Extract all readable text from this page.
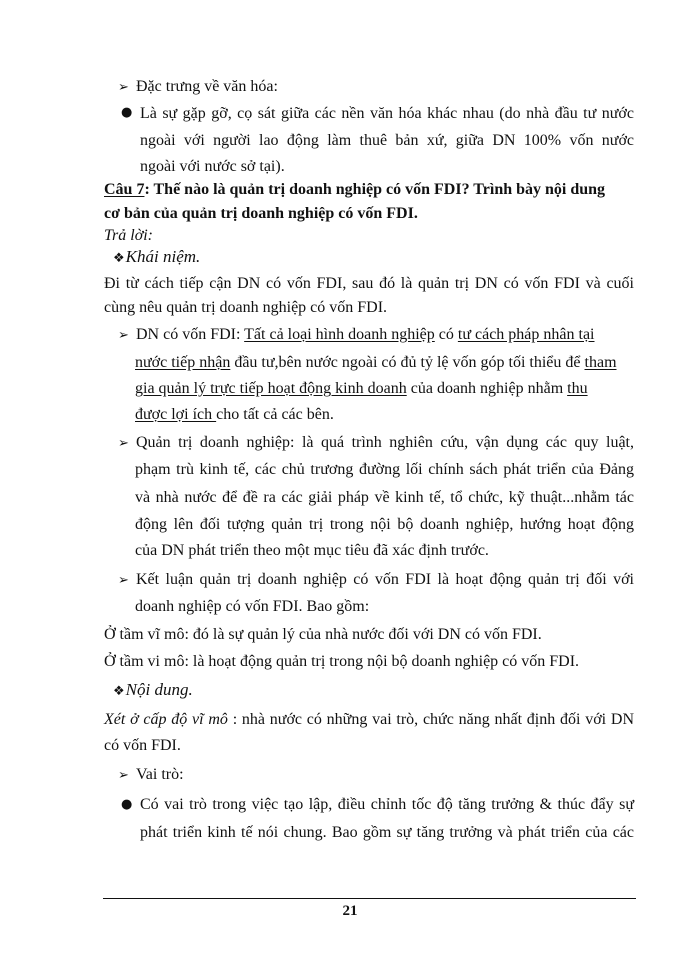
➢ Đặc trưng về văn hóa:
● Là sự gặp gỡ, cọ sát giữa các nền văn hóa khác nhau (do nhà đầu tư nước
ngoài với người lao động làm thuê bản xứ, giữa DN 100% vốn nước
ngoài với nước sở tại).
Câu 7: Thế nào là quản trị doanh nghiệp có vốn FDI? Trình bày nội dung
cơ bản của quản trị doanh nghiệp có vốn FDI.
Trả lời:
❖Khái niệm.
Đi từ cách tiếp cận DN có vốn FDI, sau đó là quản trị DN có vốn FDI và cuối
cùng nêu quản trị doanh nghiệp có vốn FDI.
➢ DN có vốn FDI: Tất cả loại hình doanh nghiệp có tư cách pháp nhân tại
nước tiếp nhận đầu tư,bên nước ngoài có đủ tỷ lệ vốn góp tối thiểu để tham
gia quản lý trực tiếp hoạt động kinh doanh của doanh nghiệp nhằm thu
được lợi ích cho tất cả các bên.
➢ Quản trị doanh nghiệp: là quá trình nghiên cứu, vận dụng các quy luật,
phạm trù kinh tế, các chủ trương đường lối chính sách phát triển của Đảng
và nhà nước để đề ra các giải pháp về kinh tế, tổ chức, kỹ thuật...nhằm tác
động lên đối tượng quản trị trong nội bộ doanh nghiệp, hướng hoạt động
của DN phát triển theo một mục tiêu đã xác định trước.
➢ Kết luận quản trị doanh nghiệp có vốn FDI là hoạt động quản trị đối với
doanh nghiệp có vốn FDI. Bao gồm:
Ở tầm vĩ mô: đó là sự quản lý của nhà nước đối với DN có vốn FDI.
Ở tầm vi mô: là hoạt động quản trị trong nội bộ doanh nghiệp có vốn FDI.
❖Nội dung.
Xét ở cấp độ vĩ mô : nhà nước có những vai trò, chức năng nhất định đối với DN
có vốn FDI.
➢ Vai trò:
● Có vai trò trong việc tạo lập, điều chỉnh tốc độ tăng trưởng & thúc đẩy sự
phát triển kinh tế nói chung. Bao gồm sự tăng trưởng và phát triển của các
21
